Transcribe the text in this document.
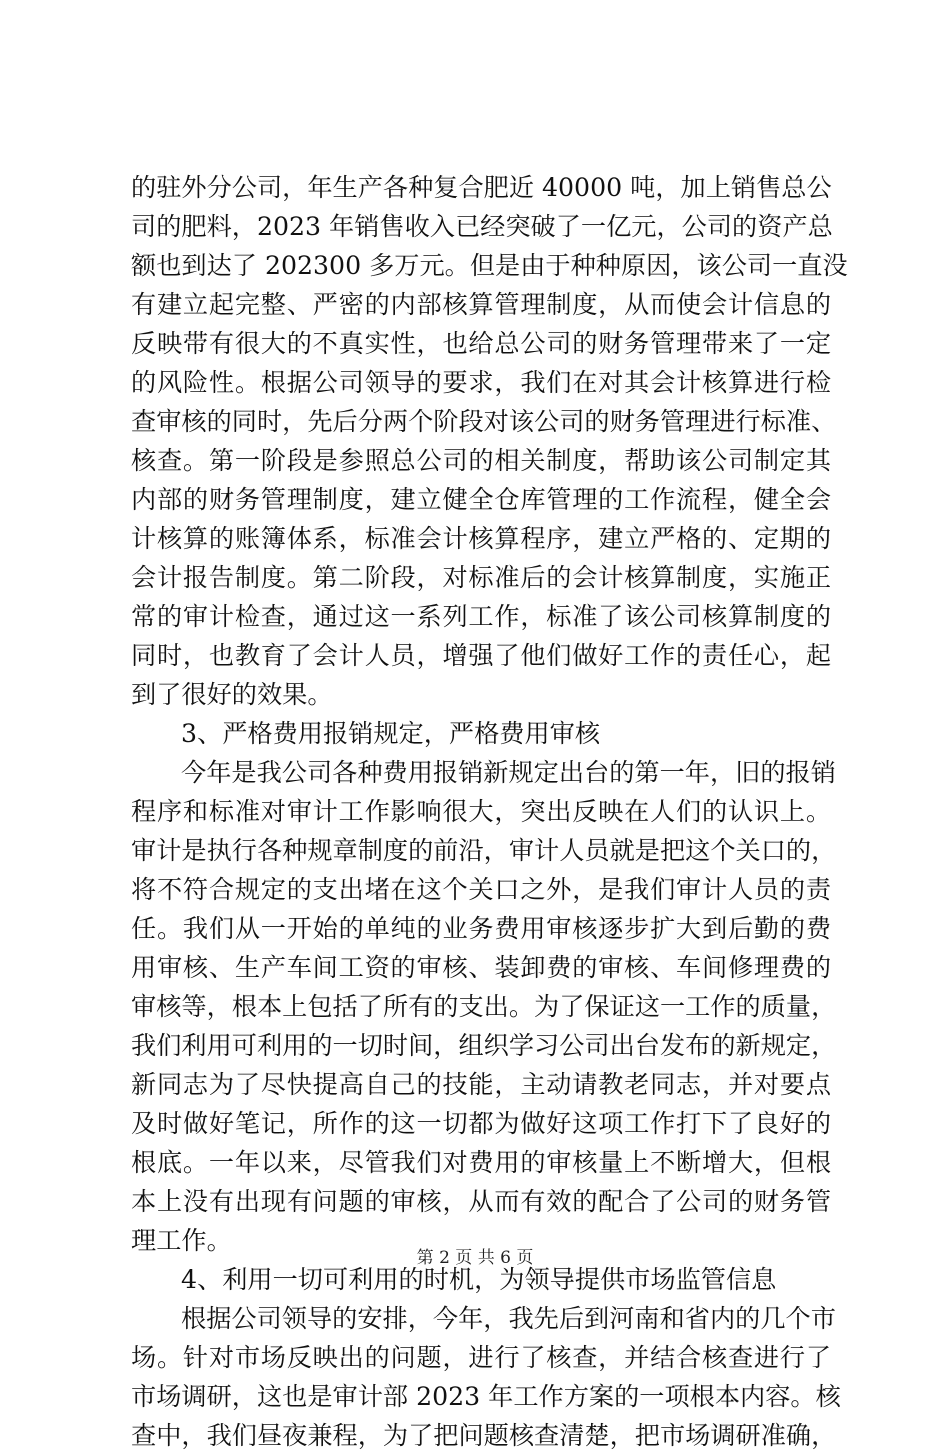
的驻外分公司，年生产各种复合肥近 40000 吨，加上销售总公
司的肥料，2023 年销售收入已经突破了一亿元，公司的资产总
额也到达了 202300 多万元。但是由于种种原因，该公司一直没
有建立起完整、严密的内部核算管理制度，从而使会计信息的
反映带有很大的不真实性，也给总公司的财务管理带来了一定
的风险性。根据公司领导的要求，我们在对其会计核算进行检
查审核的同时，先后分两个阶段对该公司的财务管理进行标准、
核查。第一阶段是参照总公司的相关制度，帮助该公司制定其
内部的财务管理制度，建立健全仓库管理的工作流程，健全会
计核算的账簿体系，标准会计核算程序，建立严格的、定期的
会计报告制度。第二阶段，对标准后的会计核算制度，实施正
常的审计检查，通过这一系列工作，标准了该公司核算制度的
同时，也教育了会计人员，增强了他们做好工作的责任心，起
到了很好的效果。
3、严格费用报销规定，严格费用审核
今年是我公司各种费用报销新规定出台的第一年，旧的报销
程序和标准对审计工作影响很大，突出反映在人们的认识上。
审计是执行各种规章制度的前沿，审计人员就是把这个关口的，
将不符合规定的支出堵在这个关口之外，是我们审计人员的责
任。我们从一开始的单纯的业务费用审核逐步扩大到后勤的费
用审核、生产车间工资的审核、装卸费的审核、车间修理费的
审核等，根本上包括了所有的支出。为了保证这一工作的质量，
我们利用可利用的一切时间，组织学习公司出台发布的新规定，
新同志为了尽快提高自己的技能，主动请教老同志，并对要点
及时做好笔记，所作的这一切都为做好这项工作打下了良好的
根底。一年以来，尽管我们对费用的审核量上不断增大，但根
本上没有出现有问题的审核，从而有效的配合了公司的财务管
理工作。
4、利用一切可利用的时机，为领导提供市场监管信息
根据公司领导的安排，今年，我先后到河南和省内的几个市
场。针对市场反映出的问题，进行了核查，并结合核查进行了
市场调研，这也是审计部 2023 年工作方案的一项根本内容。核
查中，我们昼夜兼程，为了把问题核查清楚，把市场调研准确，
第 2 页 共 6 页
